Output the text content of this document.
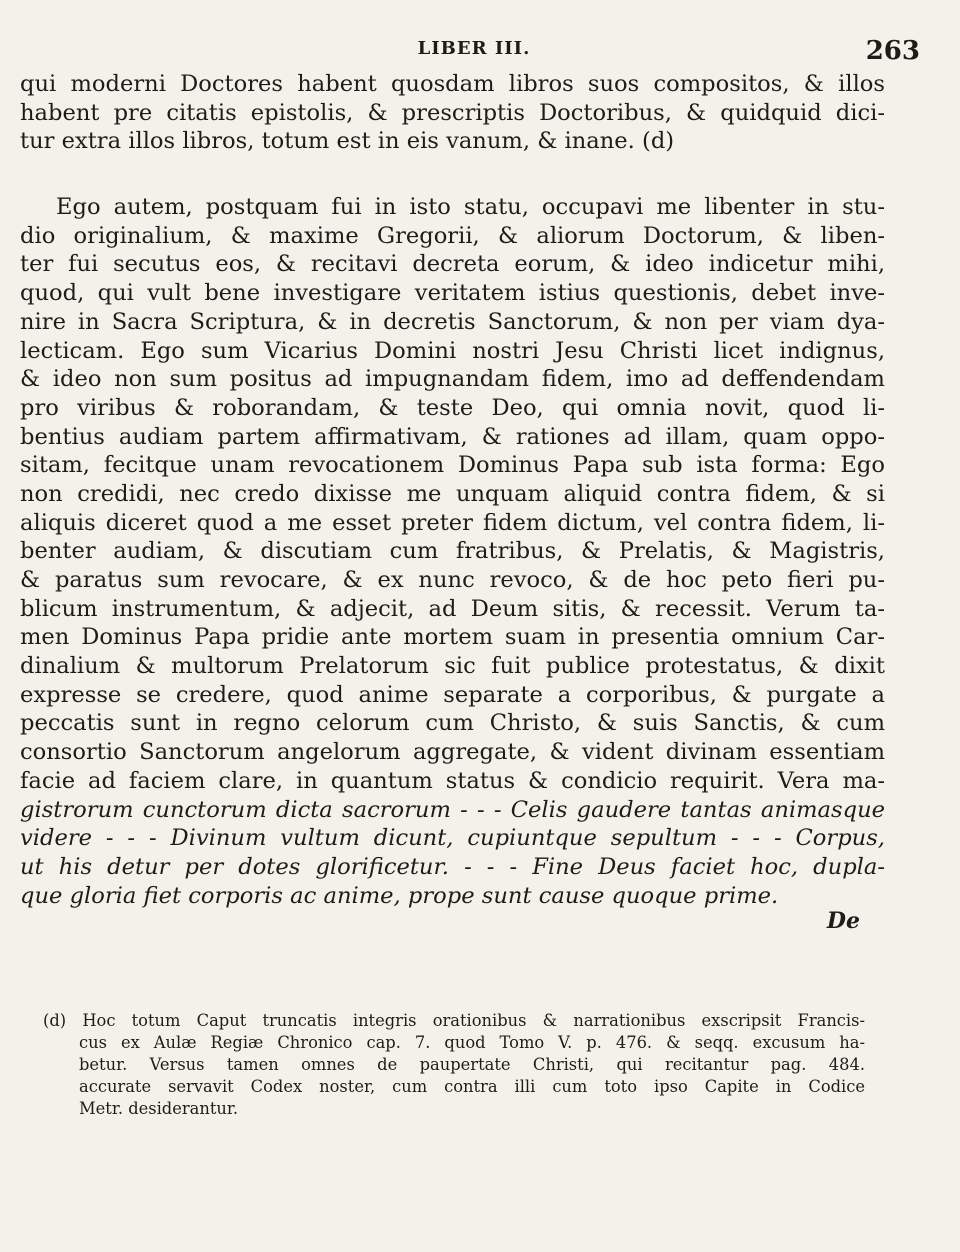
LIBER III.	263
qui moderni Doctores habent quosdam libros suos compositos, & illos
habent pre citatis epistolis, & prescriptis Doctoribus, & quidquid dici-
tur extra illos libros, totum est in eis vanum, & inane. (d)
Ego autem, postquam fui in isto statu, occupavi me libenter in stu-
dio originalium, & maxime Gregorii, & aliorum Doctorum, & liben-
ter fui secutus eos, & recitavi decreta eorum, & ideo indicetur mihi,
quod, qui vult bene investigare veritatem istius questionis, debet inve-
nire in Sacra Scriptura, & in decretis Sanctorum, & non per viam dya-
lecticam. Ego sum Vicarius Domini nostri Jesu Christi licet indignus,
& ideo non sum positus ad impugnandam fidem, imo ad deffendendam
pro viribus & roborandam, & teste Deo, qui omnia novit, quod li-
bentius audiam partem affirmativam, & rationes ad illam, quam oppo-
sitam, fecitque unam revocationem Dominus Papa sub ista forma: Ego
non credidi, nec credo dixisse me unquam aliquid contra fidem, & si
aliquis diceret quod a me esset preter fidem dictum, vel contra fidem, li-
benter audiam, & discutiam cum fratribus, & Prelatis, & Magistris,
& paratus sum revocare, & ex nunc revoco, & de hoc peto fieri pu-
blicum instrumentum, & adjecit, ad Deum sitis, & recessit. Verum ta-
men Dominus Papa pridie ante mortem suam in presentia omnium Car-
dinalium & multorum Prelatorum sic fuit publice protestatus, & dixit
expresse se credere, quod anime separate a corporibus, & purgate a
peccatis sunt in regno celorum cum Christo, & suis Sanctis, & cum
consortio Sanctorum angelorum aggregate, & vident divinam essentiam
facie ad faciem clare, in quantum status & condicio requirit. Vera ma-
gistrorum cunctorum dicta sacrorum - - - Celis gaudere tantas animasque
videre - - - Divinum vultum dicunt, cupiuntque sepultum - - - Corpus,
ut his detur per dotes glorificetur. - - - Fine Deus faciet hoc, dupla-
que gloria fiet corporis ac anime, prope sunt cause quoque prime.
De
(d) Hoc totum Caput truncatis integris orationibus & narrationibus exscripsit Francis-
cus ex Aulæ Regiæ Chronico cap. 7. quod Tomo V. p. 476. & seqq. excusum ha-
betur. Versus tamen omnes de paupertate Christi, qui recitantur pag. 484.
accurate servavit Codex noster, cum contra illi cum toto ipso Capite in Codice
Metr. desiderantur.
